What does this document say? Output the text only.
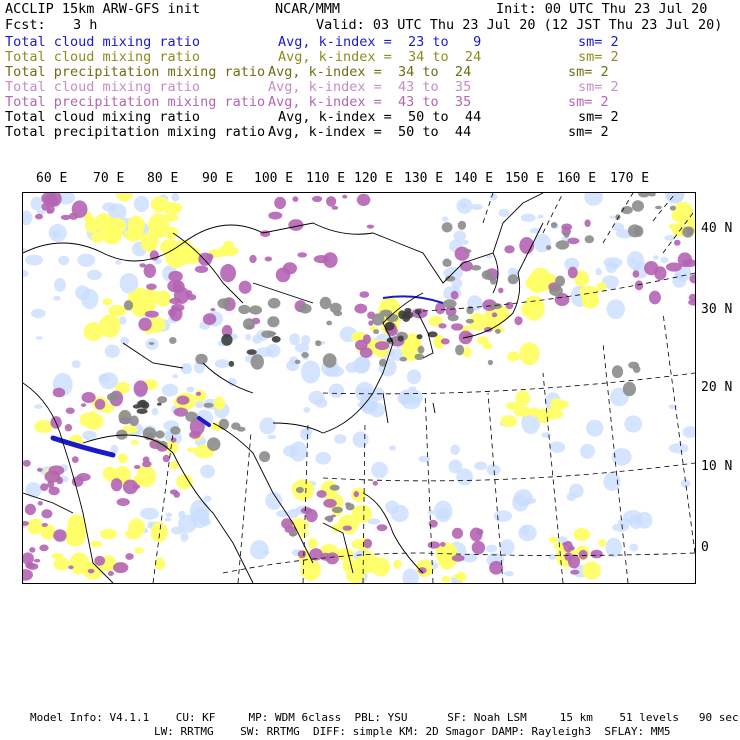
ACCLIP 15km ARW-GFS init	NCAR/MMM	Init: 00 UTC Thu 23 Jul 20
Fcst: 3 h	Valid: 03 UTC Thu 23 Jul 20 (12 JST Thu 23 Jul 20)
Total cloud mixing ratio	Avg, k-index =  23 to   9	sm= 2
Total cloud mixing ratio	Avg, k-index =  34 to  24	sm= 2
Total precipitation mixing ratio Avg, k-index =  34 to  24	sm= 2
Total cloud mixing ratio	Avg, k-index =  43 to  35	sm= 2
Total precipitation mixing ratio Avg, k-index =  43 to  35	sm= 2
Total cloud mixing ratio	Avg, k-index =  50 to  44	sm= 2
Total precipitation mixing ratio Avg, k-index =  50 to  44	sm= 2
60 E 70 E 80 E 90 E 100 E 110 E 120 E 130 E 140 E 150 E 160 E 170 E
40 N
30 N
20 N
10 N
0
Model Info: V4.1.1    CU: KF     MP: WDM 6class  PBL: YSU      SF: Noah LSM     15 km    51 levels   90 sec
LW: RRTMG    SW: RRTMG  DIFF: simple KM: 2D Smagor DAMP: Rayleigh3  SFLAY: MM5
